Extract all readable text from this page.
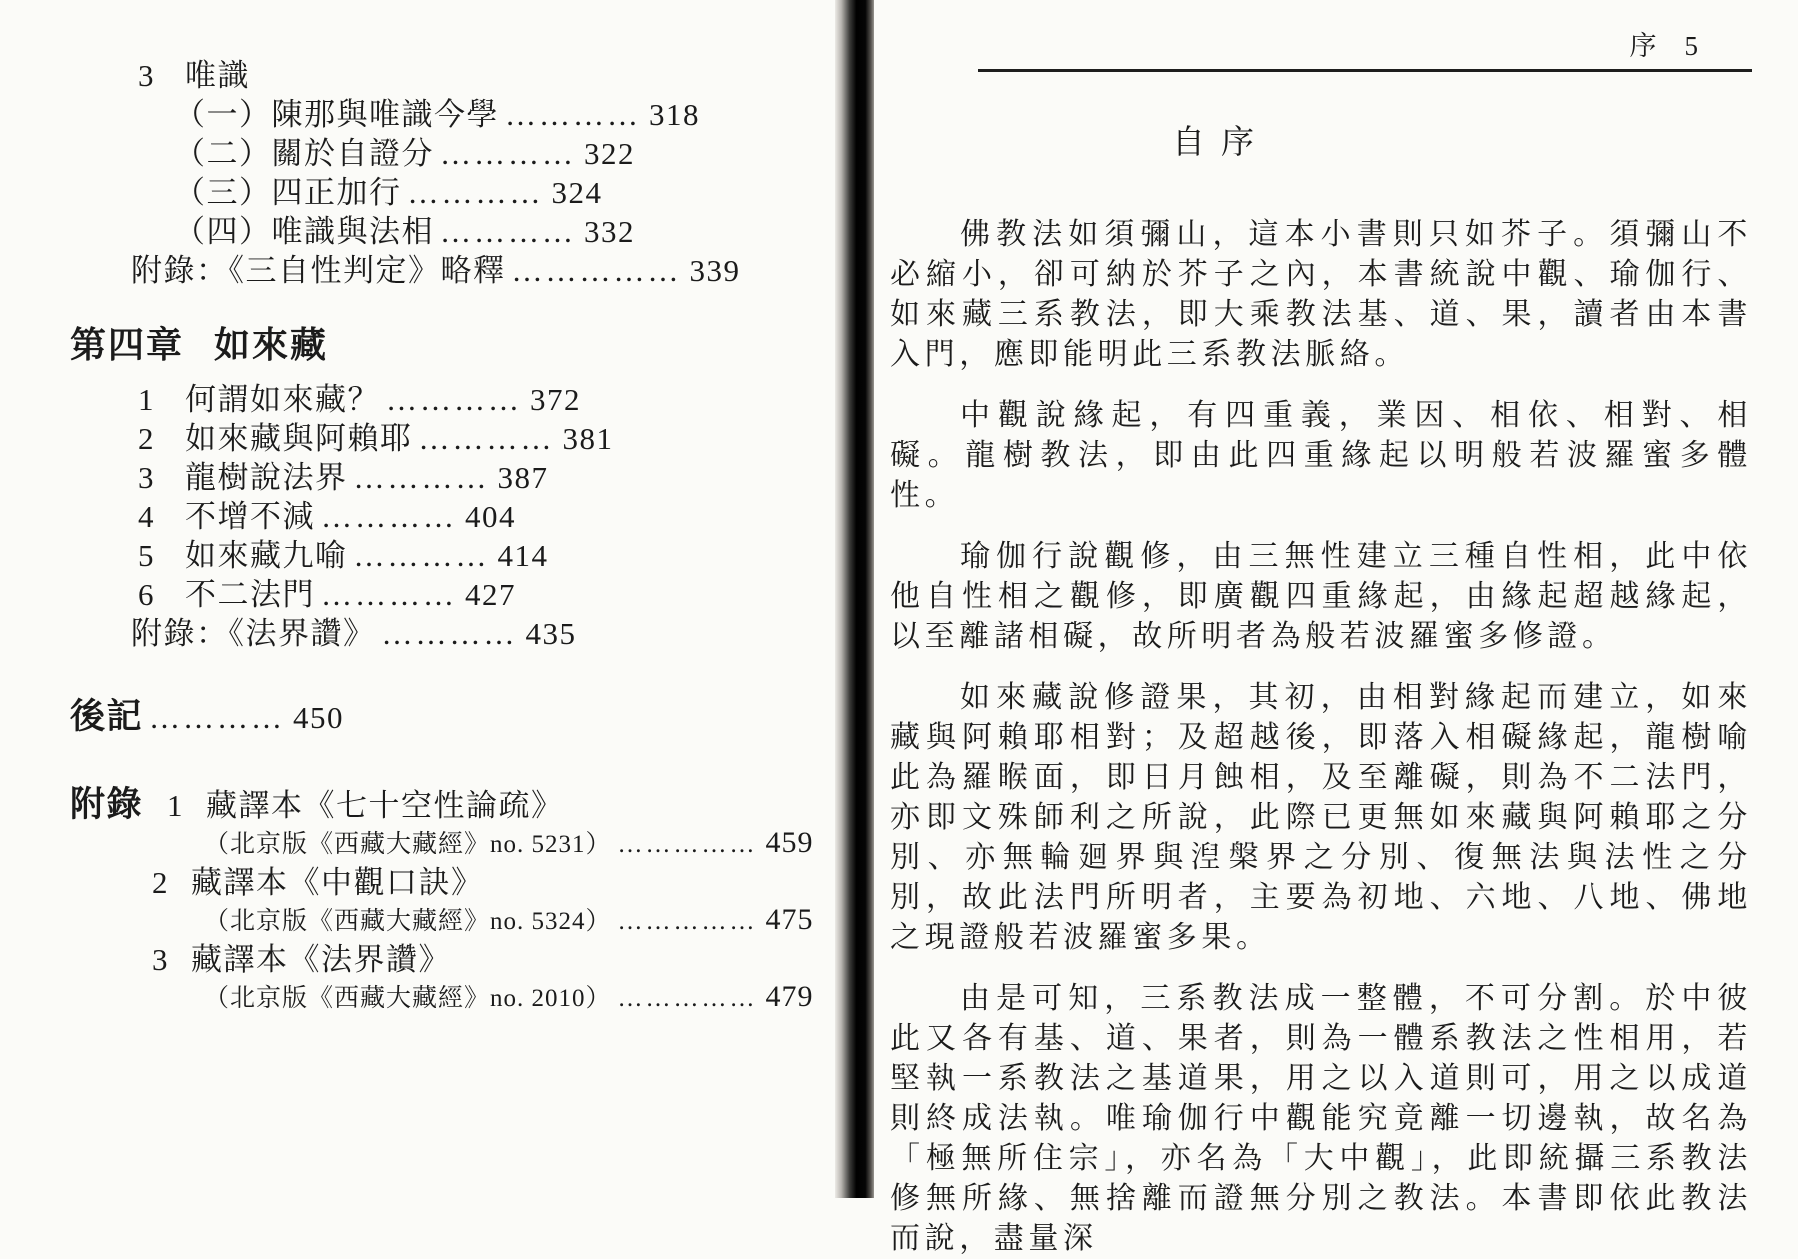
3 唯識
（一）陳那與唯識今學 ………… 318
（二）關於自證分 ………… 322
（三）四正加行 ………… 324
（四）唯識與法相 ………… 332
附錄：《三自性判定》略釋 …………… 339
第四章 如來藏
1 何謂如來藏？ ………… 372
2 如來藏與阿賴耶 ………… 381
3 龍樹說法界 ………… 387
4 不增不減 ………… 404
5 如來藏九喻 ………… 414
6 不二法門 ………… 427
附錄：《法界讚》 ………… 435
後記 ………… 450
附錄 1 藏譯本《七十空性論疏》
（北京版《西藏大藏經》no. 5231） …………… 459
2 藏譯本《中觀口訣》
（北京版《西藏大藏經》no. 5324） …………… 475
3 藏譯本《法界讚》
（北京版《西藏大藏經》no. 2010） …………… 479
序 5
自序

佛教法如須彌山，這本小書則只如芥子。須彌山不必縮小，卻可納於芥子之內，本書統說中觀、瑜伽行、如來藏三系教法，即大乘教法基、道、果，讀者由本書入門，應即能明此三系教法脈絡。

中觀說緣起，有四重義，業因、相依、相對、相礙。龍樹教法，即由此四重緣起以明般若波羅蜜多體性。

瑜伽行說觀修，由三無性建立三種自性相，此中依他自性相之觀修，即廣觀四重緣起，由緣起超越緣起，以至離諸相礙，故所明者為般若波羅蜜多修證。

如來藏說修證果，其初，由相對緣起而建立，如來藏與阿賴耶相對；及超越後，即落入相礙緣起，龍樹喻此為羅睺面，即日月蝕相，及至離礙，則為不二法門，亦即文殊師利之所說，此際已更無如來藏與阿賴耶之分別、亦無輪廻界與湼槃界之分別、復無法與法性之分別，故此法門所明者，主要為初地、六地、八地、佛地之現證般若波羅蜜多果。

由是可知，三系教法成一整體，不可分割。於中彼此又各有基、道、果者，則為一體系教法之性相用，若堅執一系教法之基道果，用之以入道則可，用之以成道則終成法執。唯瑜伽行中觀能究竟離一切邊執，故名為「極無所住宗」，亦名為「大中觀」，此即統攝三系教法修無所緣、無捨離而證無分別之教法。本書即依此教法而說，盡量深
